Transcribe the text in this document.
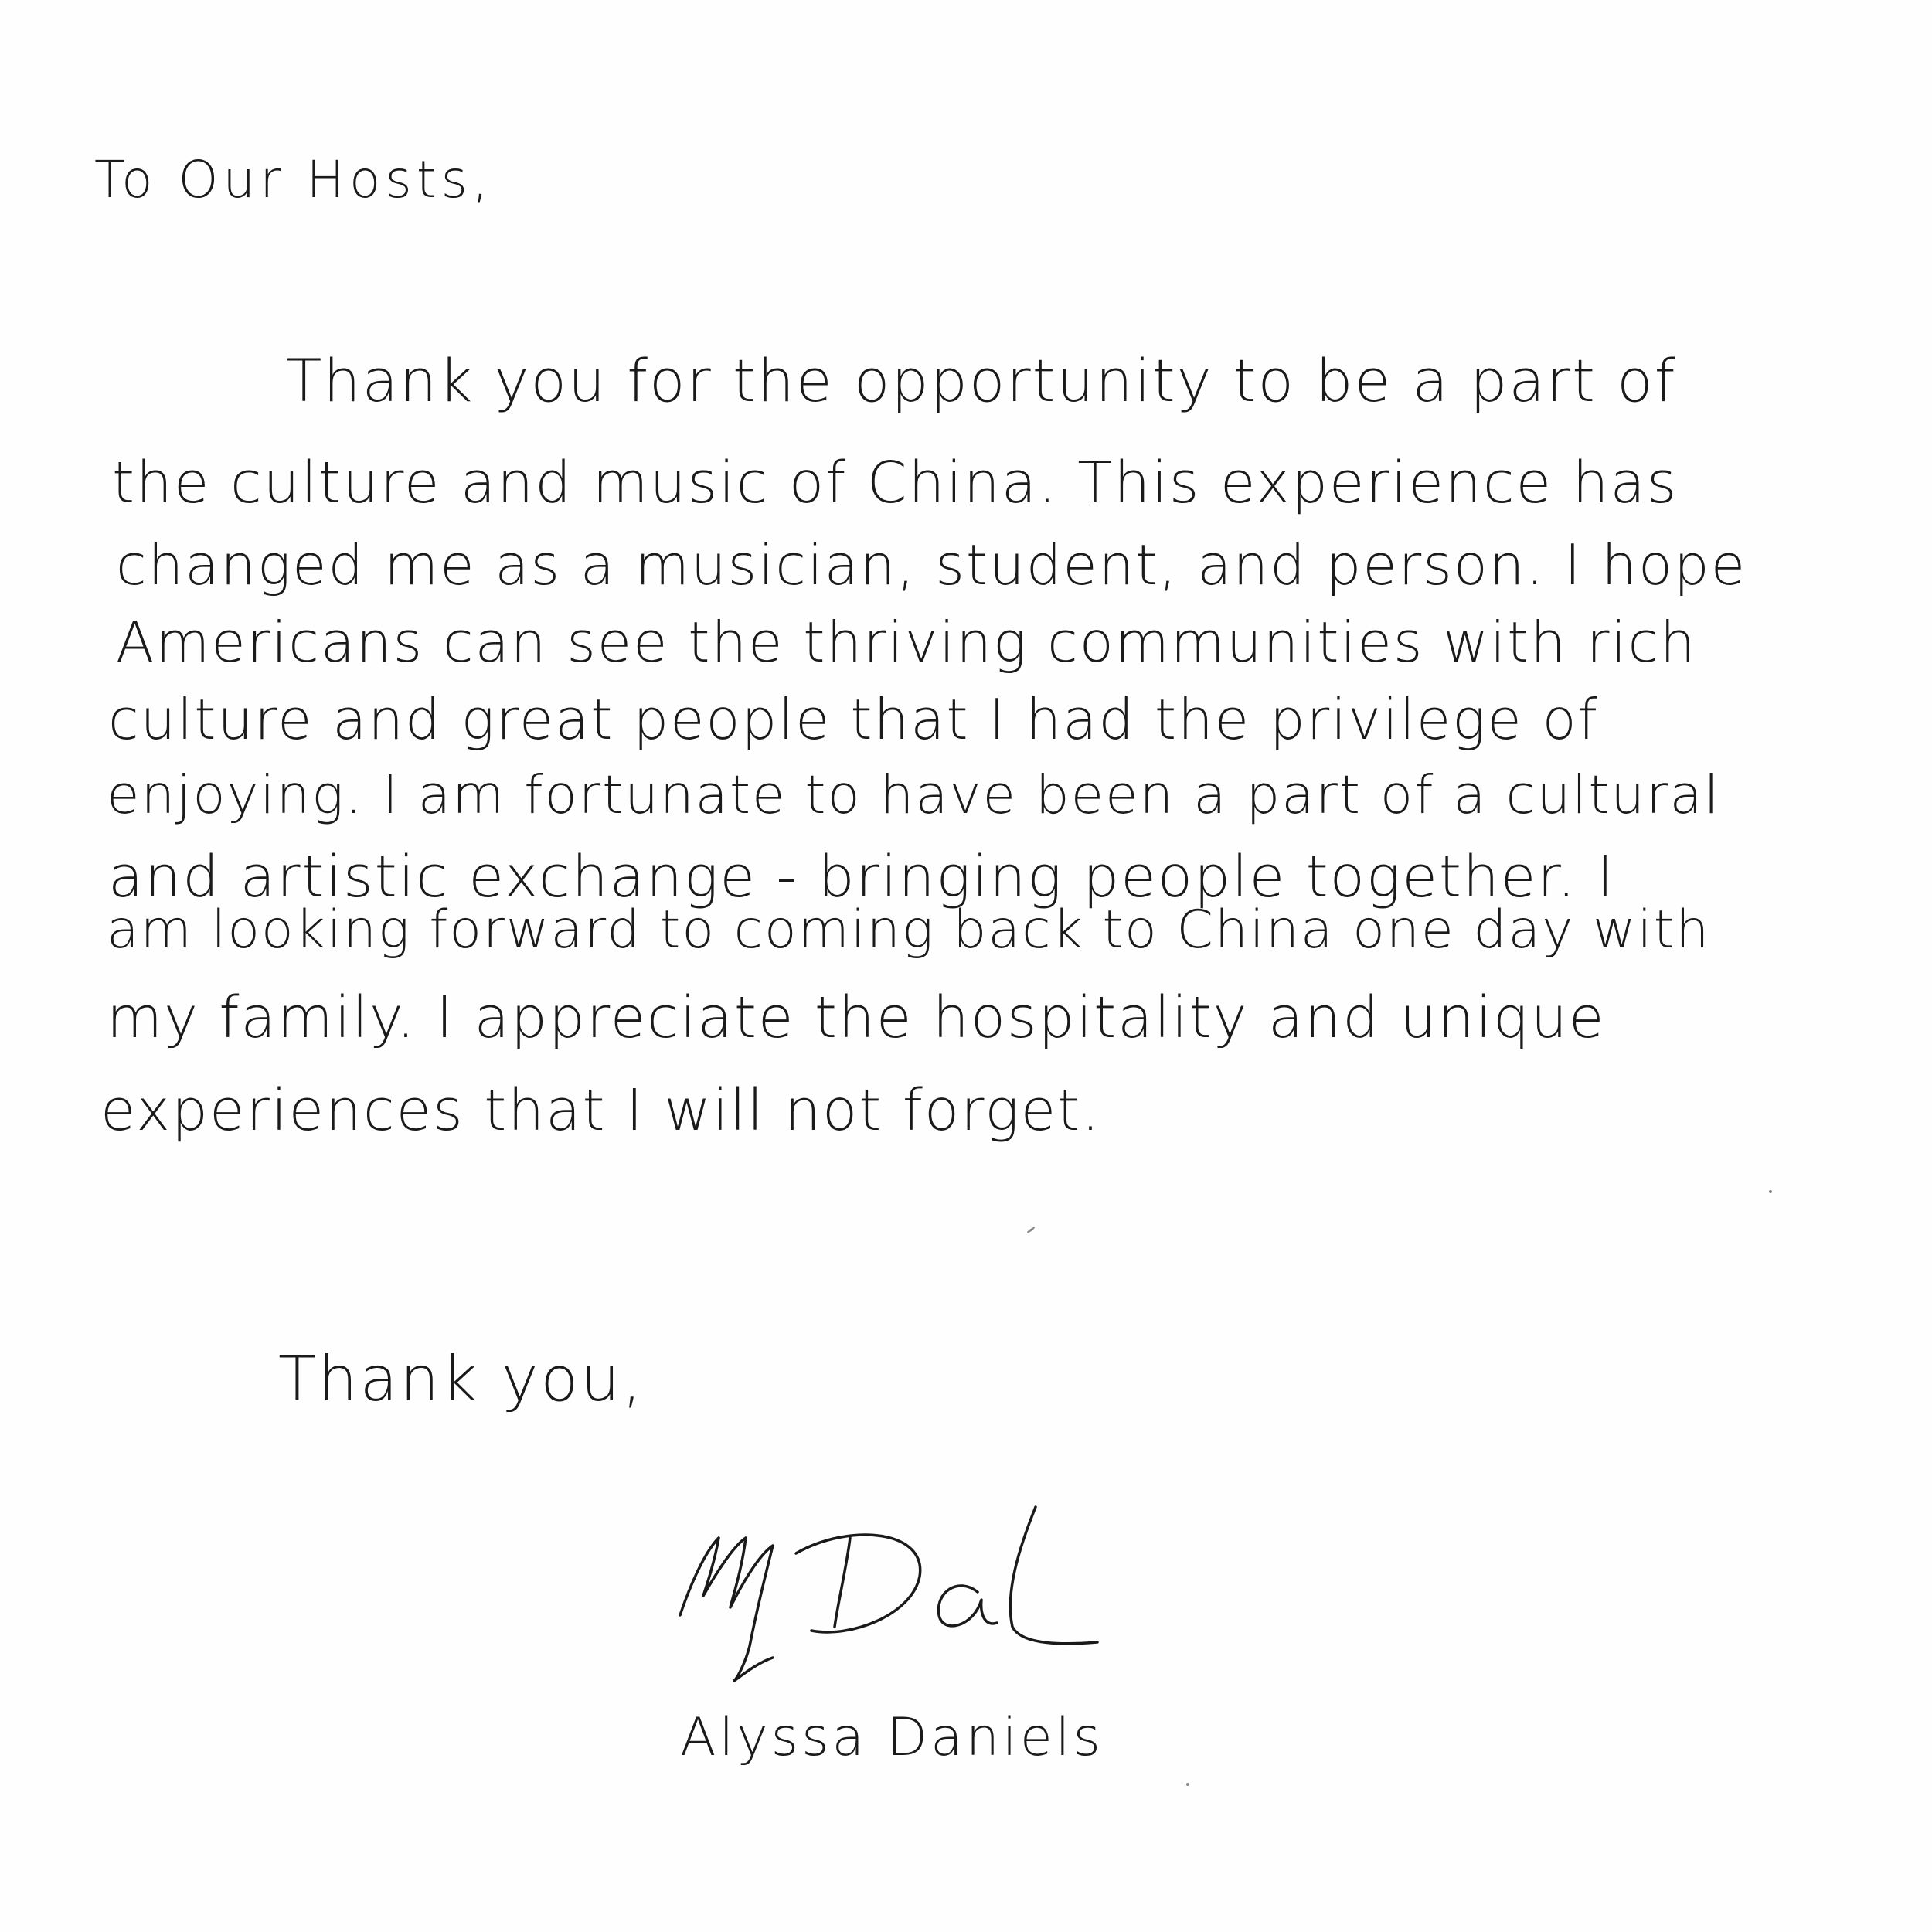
To Our Hosts,
Thank you for the opportunity to be a part of
the culture and music of China. This experience has
changed me as a musician, student, and person. I hope
Americans can see the thriving communities with rich
culture and great people that I had the privilege of
enjoying. I am fortunate to have been a part of a cultural
and artistic exchange - bringing people together. I
am looking forward to coming back to China one day with
my family. I appreciate the hospitality and unique
experiences that I will not forget.
Thank you,
Alyssa Daniels
